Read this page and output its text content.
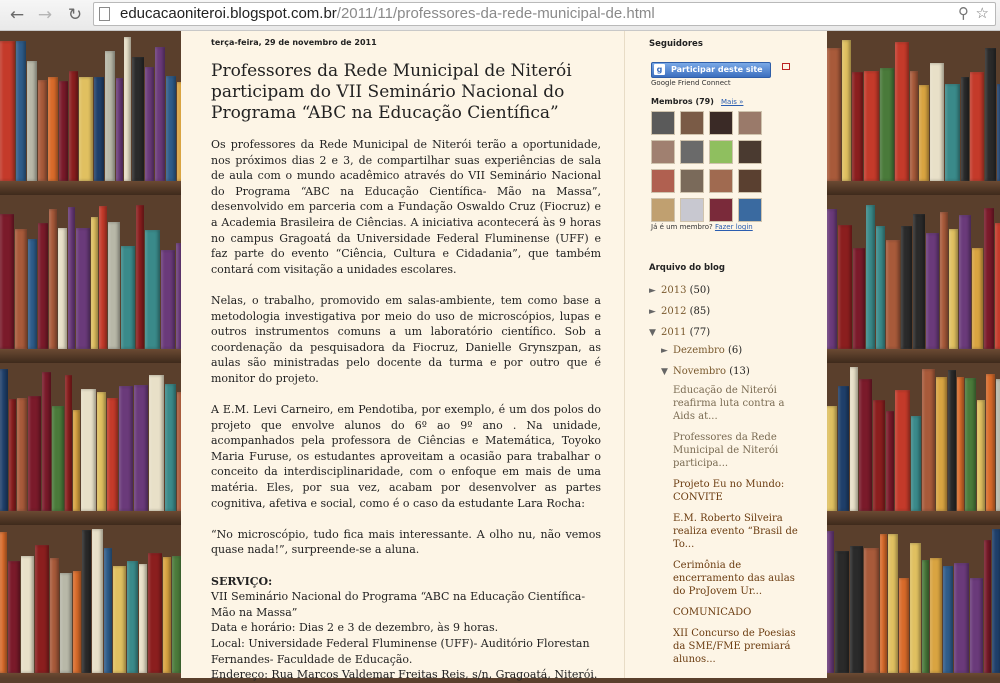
← → ↻	educacaoniteroi.blogspot.com.br/2011/11/professores-da-rede-municipal-de.html	⚲ ☆
terça-feira, 29 de novembro de 2011
Professores da Rede Municipal de Niterói participam do VII Seminário Nacional do Programa “ABC na Educação Científica”

Os professores da Rede Municipal de Niterói terão a oportunidade, nos próximos dias 2 e 3, de compartilhar suas experiências de sala de aula com o mundo acadêmico através do VII Seminário Nacional do Programa “ABC na Educação Científica- Mão na Massa”, desenvolvido em parceria com a Fundação Oswaldo Cruz (Fiocruz) e a Academia Brasileira de Ciências. A iniciativa acontecerá às 9 horas no campus Gragoatá da Universidade Federal Fluminense (UFF) e faz parte do evento “Ciência, Cultura e Cidadania”, que também contará com visitação a unidades escolares.

Nelas, o trabalho, promovido em salas-ambiente, tem como base a metodologia investigativa por meio do uso de microscópios, lupas e outros instrumentos comuns a um laboratório científico. Sob a coordenação da pesquisadora da Fiocruz, Danielle Grynszpan, as aulas são ministradas pelo docente da turma e por outro que é monitor do projeto.

A E.M. Levi Carneiro, em Pendotiba, por exemplo, é um dos polos do projeto que envolve alunos do 6º ao 9º ano . Na unidade, acompanhados pela professora de Ciências e Matemática, Toyoko Maria Furuse, os estudantes aproveitam a ocasião para trabalhar o conceito da interdisciplinaridade, com o enfoque em mais de uma matéria. Eles, por sua vez, acabam por desenvolver as partes cognitiva, afetiva e social, como é o caso da estudante Lara Rocha:

“No microscópio, tudo fica mais interessante. A olho nu, não vemos quase nada!”, surpreende-se a aluna.

SERVIÇO:

VII Seminário Nacional do Programa “ABC na Educação Científica- Mão na Massa”

Data e horário: Dias 2 e 3 de dezembro, às 9 horas.

Local: Universidade Federal Fluminense (UFF)- Auditório Florestan Fernandes- Faculdade de Educação.

Endereço: Rua Marcos Valdemar Freitas Reis, s/n, Gragoatá, Niterói.

Seguidores
g	Participar deste site
Google Friend Connect
Membros (79) Mais »
Já é um membro? Fazer login
Arquivo do blog
► 2013 (50)
► 2012 (85)
▼ 2011 (77)
► Dezembro (6)
▼ Novembro (13)
Educação de Niterói reafirma luta contra a Aids at...
Professores da Rede Municipal de Niterói participa...
Projeto Eu no Mundo: CONVITE
E.M. Roberto Silveira realiza evento “Brasil de To...
Cerimônia de encerramento das aulas do ProJovem Ur...
COMUNICADO
XII Concurso de Poesias da SME/FME premiará alunos...
